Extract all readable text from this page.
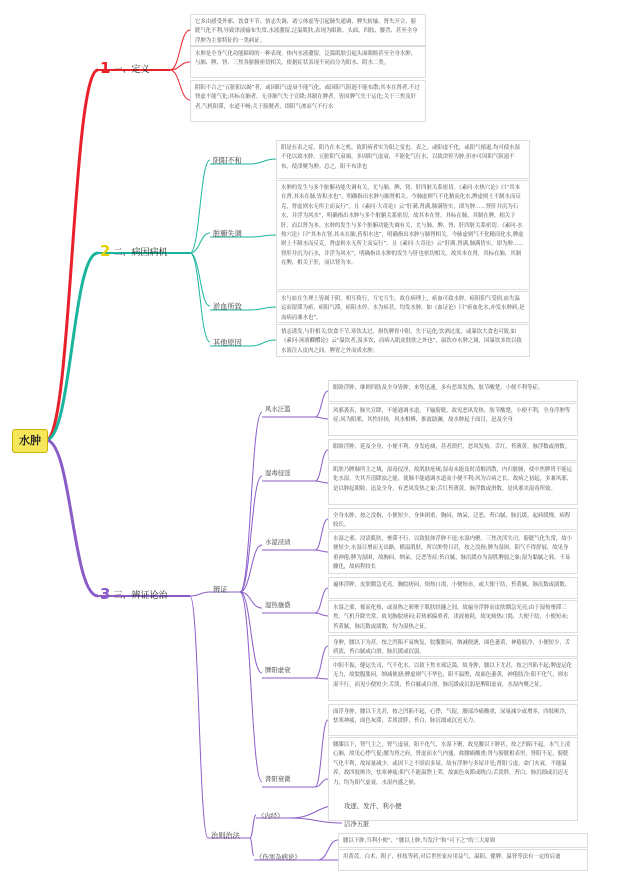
水肿
1 一、定义
2 二、病因病机
3 三、辨证论治
它多由感受外邪、饮食不节、情志失调、诸亏体虚等引起肺失通调、脾失转输、肾失开合、膀胱气化不利,导致津液输布失常,水液潴留,泛溢肌肤,表现为眼睑、头面、四肢、腰背、甚至全身浮肿为主要特征的一类病证。
水肿是全身气化功能障碍的一种表现。体内水液潴留，泛滥肌肤引起头面眼睑甚至全身水肿，与肺、脾、肾、三焦各脏腑密切相关。依据症状表现不同而分为阳水、阴水二类。
阴阳不合之“五脏阳以竭”者，或因阳气虚衰不能气化，或因阳气阻遏不能布散;其本在肾者,不过肾虚不能气化;其标在肺者，无非肺气失于宣降;其制在脾者，皆因脾气失于运化;关于三焦及肝者,气机阻滞，水道不畅;关于膀胱者，即阳气渗而气不行水
阴阳不和
阴是在表之症，阳乃在本之机，故阴病者实为阳之变也。表之，或阳虚不化，或阳气郁遏,均可使水湿不化以致水肿。五脏阳气衰竭，多因阳气虚衰，不能化气行水，以致津停为肿,但亦可因阳气阻遏不布，使津聚为肿。总之，阳不布津也
脏腑失调
水肿的发生与多个脏腑功能失调有关，尤与肺、脾、肾、肝四脏关系密切。《素问·水热穴论》曰“其本在肾,其末在肺,皆积水也”，明确指出水肿与肺肾相关。今肺虚则气不化精而化水,脾虚则土不制水而反克，肾虚则水无所主而妄行”。且《素问·大奇论》云“肝满,肾满,肺满皆实，即为肿……肾肝并沉为石水，并浮为风水”，明确指出水肿与多个脏腑关系密切，故其本在肾，其标在肺，其制在脾，相关于肝，而以肾为本。水肿的发生与多个脏腑功能失调有关，尤与肺、脾、肾、肝四脏关系密切。《素问·水热穴论》曰“其本在肾,其末在肺,皆积水也”，明确指出水肿与肺肾相关。今肺虚则气不化精而化水,脾虚则土不制水而反克，肾虚则水无所主而妄行”。且《素问·大奇论》云“肝满,肾满,肺满皆实，即为肿……肾肝并沉为石水，并浮为风水”，明确指出水肿的发生与肝也密切相关。故其本在肾，其标在肺，其制在脾，相关于肝，而以肾为本。
淤血所致
水与血在生理上皆属于阴，相互倚行，互宅互生。故在病理上，瘀血可致水肿。瘀阻阳气受损,血失温运而留滞为瘀，瘀阻气滞，瘀阻水停，水为瘀甚，均发水肿。如《血证论》曰“瘀血化水,亦发水肿病,是血病而兼水也”。
其他原因
情志诱发,与肝相关;饮食不节,寒饮太过，损伤脾胃中阳，失于运化;饮酒过度，或暴饮大食也可致,如《素问·汤液醪醴论》云“温饮者,湿多饮，而病入肌皮肤肤之外也”，温饮亦水肿之属，因暴饮多饮以致水液注入皮肉之间，脾胃之外而成水肿。
辨证
风水泛滥
眼睑浮肿，继则四肢及全身皆肿，来势迅速，多有恶寒发热，肢节酸楚，小便不利等症。
风邪袭表，肺失宣降，不能通调水道，下输膀胱，故见恶风发热，肢节酸楚，小便不利，全身浮肿等症;风为阳邪，其性轻扬，风水相搏，推波助澜，故水肿起于面目，迅及全身
湿毒侵淫
眼睑浮肿，延及全身，小便不利，身发疮痍，甚者溃烂，恶风发热。舌红，苔薄黄，脉浮数或滑数。
肌肤乃脾肺所主之域，湿毒侵淫，故肌肤疮痍;湿毒未能及时清解消散，内归脏腑，使中焦脾胃不能运化水湿，失其升清降浊之能，使肺不能通调水道而小便不利;风为百病之长，故病之初起，多兼风邪，是以肿起眼睑，迅及全身，有恶风发热之象;舌红苔薄黄，脉浮数或滑数，是风邪夹湿毒所致。
水湿浸渍
全身水肿，按之没指，小便短少，身体困重，胸闷，纳呆，泛恶，苔白腻，脉沉缓，起病缓慢，病程较长。
水湿之邪，浸渍肌肤，壅滞不行，以致肢体浮肿不退;水湿内聚，三焦决渎失司，膀胱气化失常，故小便短少;水湿日增而无出路，横溢肌肤，所以肿势日甚，按之没指;脾为湿困，阳气不得舒展，故见身重神倦;脾为湿困，故胸闷，纳呆，泛恶等症;苔白腻，脉沉缓亦为湿胜脾弱之象;湿为黏腻之邪，不易骤化，故病程较长
湿热壅盛
遍体浮肿，皮肤绷急光亮，胸脘痞闷，烦热口渴，小便短赤，或大便干结，苔黄腻，脉沉数或濡数。
水湿之邪，郁而化热，或湿热之邪壅于肌肤经隧之间，故遍身浮肿而皮肤绷急光亮;由于湿热壅滞三焦，气机升降失常，故见胸脘痞闷;若热邪偏重者，津液被耗，故见烦热口渴，大便干结，小便短赤;苔黄腻，脉沉数或濡数，均为湿热之征。
脾阳虚衰
身肿，腰以下为甚，按之凹陷不易恢复，脘腹胀闷，纳减便溏，面色萎黄，神倦肢冷，小便短少，舌质淡，苔白腻或白滑，脉沉缓或沉弱。
中阳不振，健运失司，气不化水，以致下焦水邪泛滥，故身肿，腰以下尤甚，按之凹陷不起;脾虚运化无力，故脘腹胀闷，纳减便溏;脾虚则气不华色，阳不温煦，故面色萎黄，神倦肢冷;阳不化气，则水湿不行，而见小便短少;舌淡，苔白腻或白滑，脉沉缓或沉弱是脾阳虚衰，水湿内聚之征。
肾阳衰微
面浮身肿，腰以下尤甚，按之凹陷不起，心悸，气促，腰部冷痛酸重，尿量减少或增多，四肢厥冷，怯寒神疲，面色灰滞，舌质淡胖，苔白，脉沉细或沉迟无力。
腰膝以下，肾气主之，肾气虚衰，阳不化气，水湿下聚，故见腰以下肿甚，按之凹陷不起。水气上凌心肺，故见心悸气促;腰为肾之府，肾虚而水气内盛，故腰痛酸重;肾与膀胱相表里，肾阳不足，膀胱气化不利，故尿量减少，或因下之不固而多尿。故有浮肿与多尿并见;肾阳亏虚，命门火衰，不能温养，故四肢厥冷，怯寒神疲;阳气不能温煦上荣，故面色灰滞或晄白;舌淡胖，苔白，脉沉细或沉迟无力，均为阳气虚衰，水湿内盛之候。
治则治法
《内经》
攻逐、发汗、利小便
洁净五脏
《伤寒杂病论》
腰以下肿,当利小便”、“腰以上肿,当发汗”和“可下之”的三大原则
用黄芪、白术、附子、桂枝等药,对后世医家应用益气、温阳、健脾、温肾等法有一定的启迪
